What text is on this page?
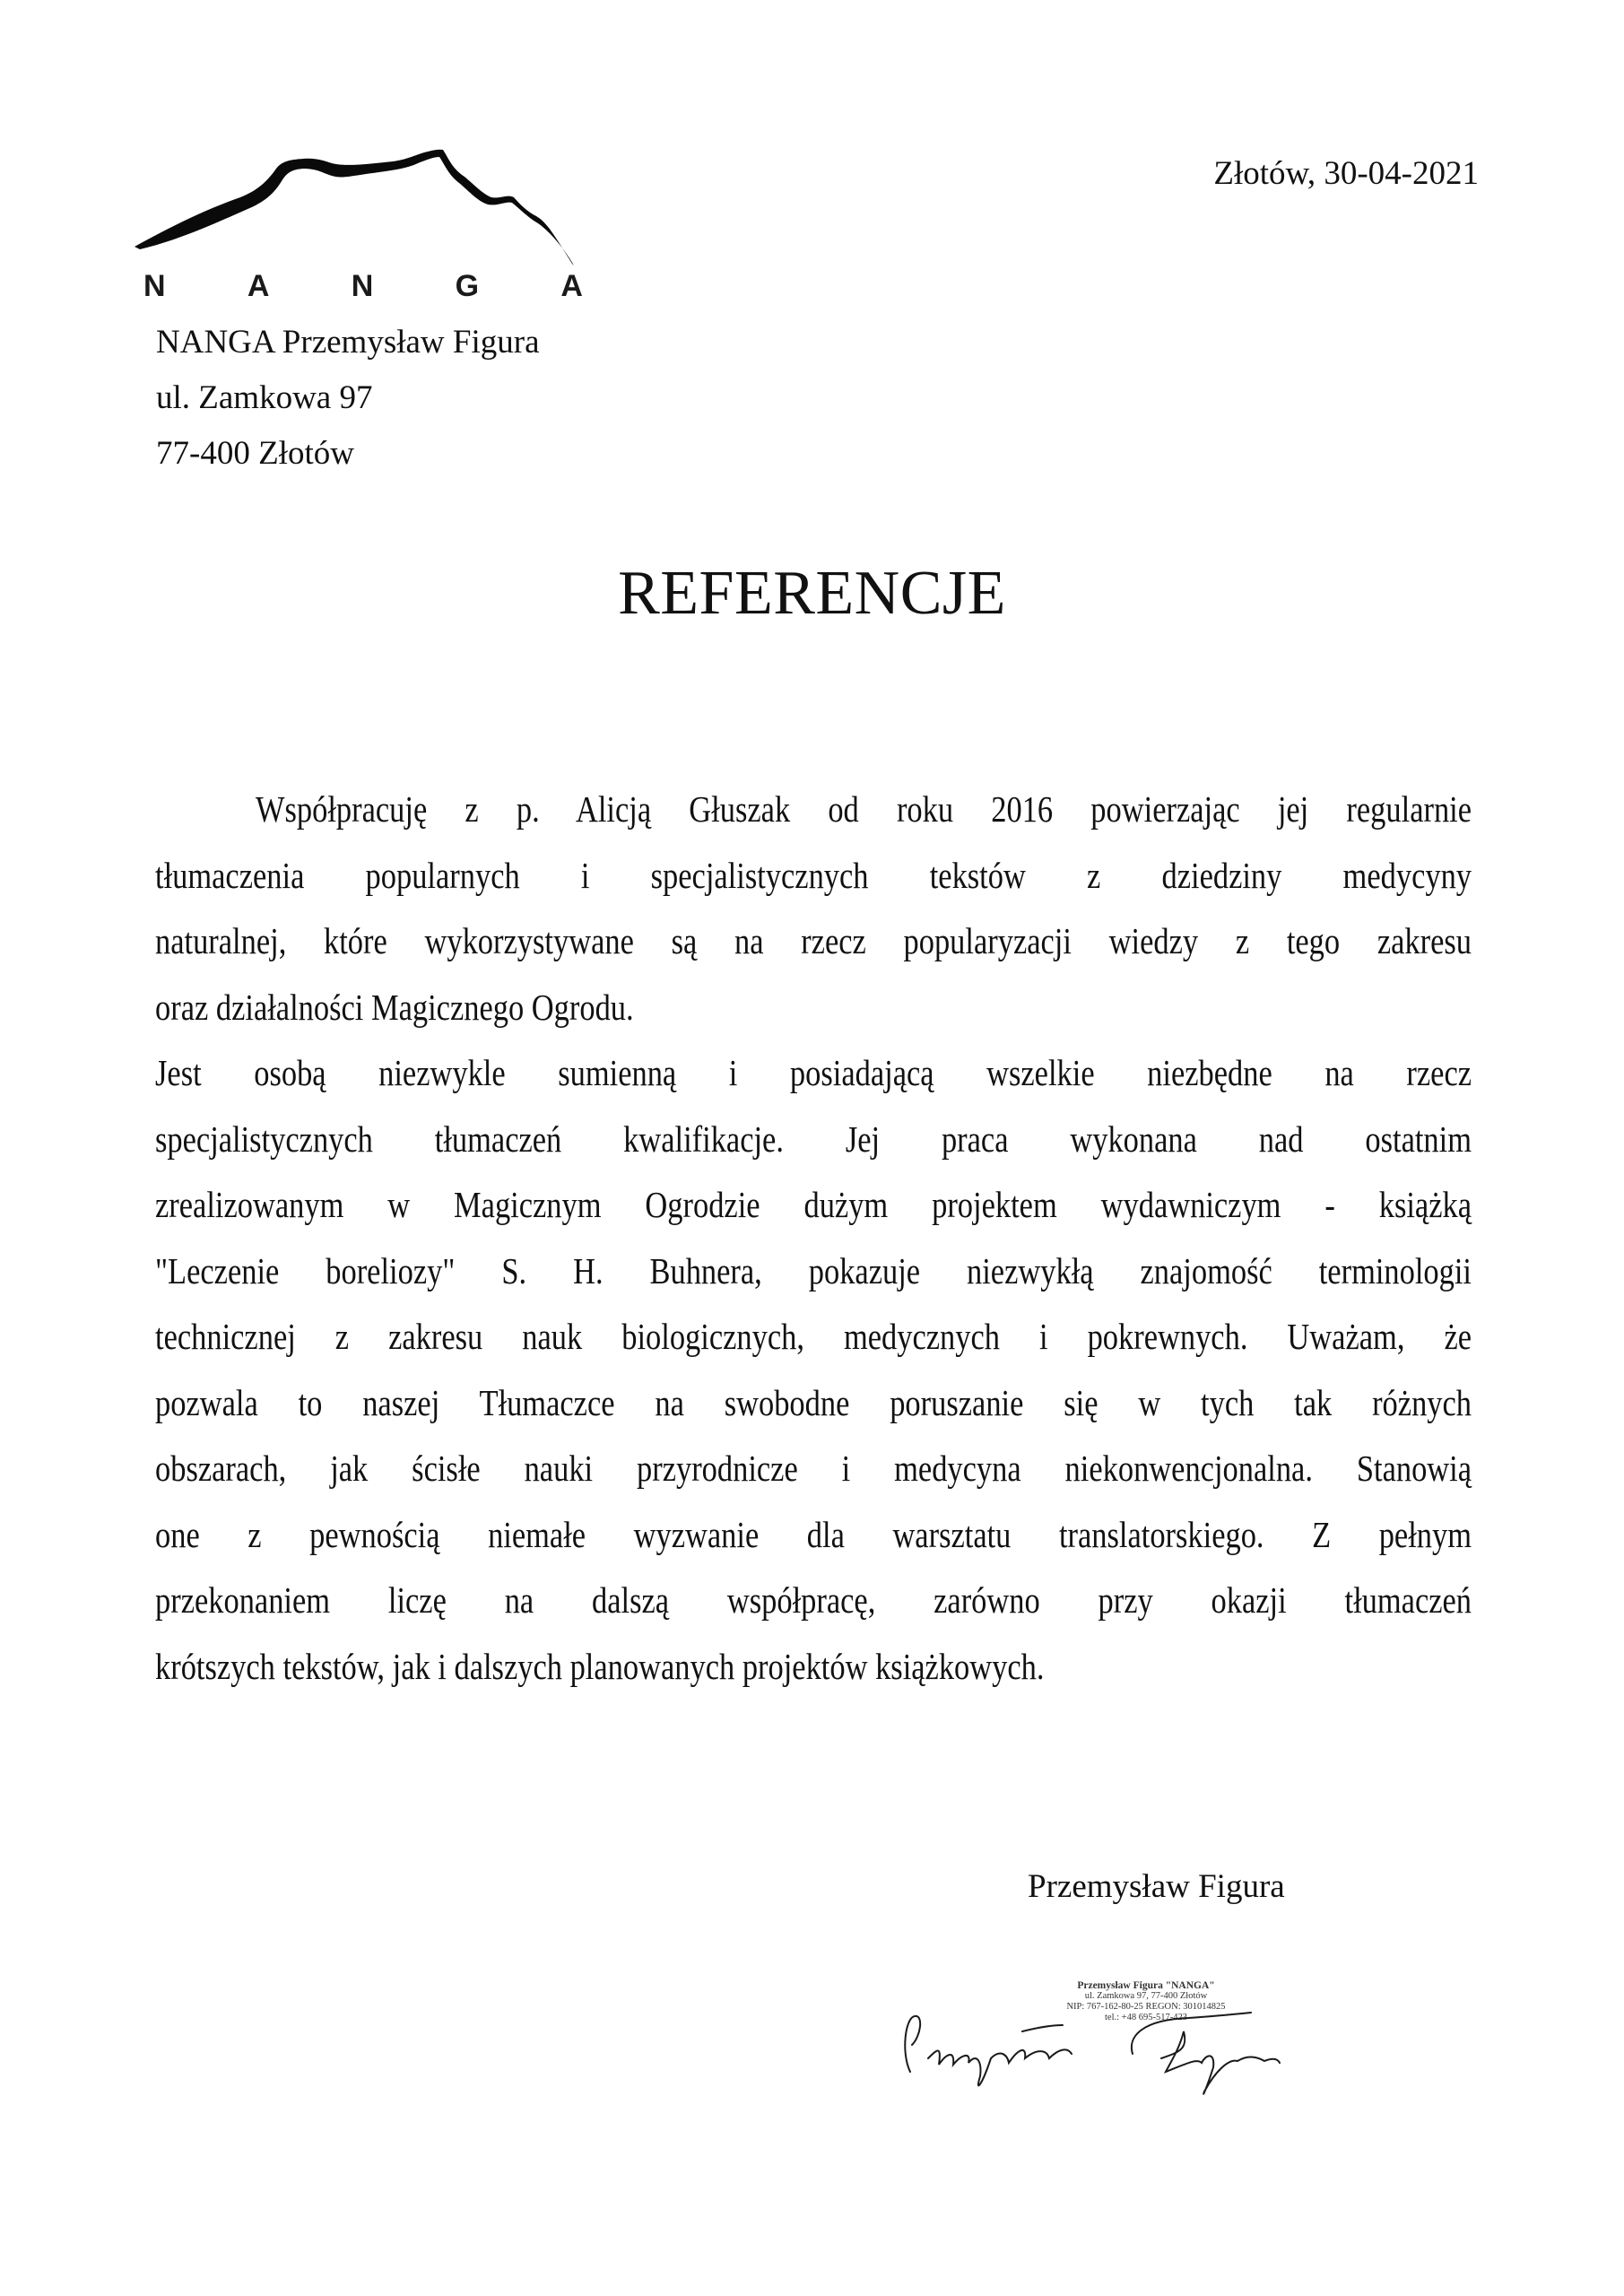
N	A	N	G	A
Złotów, 30-04-2021
NANGA Przemysław Figura
ul. Zamkowa 97
77-400 Złotów
REFERENCJE
Współpracuję z p. Alicją Głuszak od roku 2016 powierzając jej regularnie
tłumaczenia popularnych i specjalistycznych tekstów z dziedziny medycyny
naturalnej, które wykorzystywane są na rzecz popularyzacji wiedzy z tego zakresu
oraz działalności Magicznego Ogrodu.
Jest osobą niezwykle sumienną i posiadającą wszelkie niezbędne na rzecz
specjalistycznych tłumaczeń kwalifikacje. Jej praca wykonana nad ostatnim
zrealizowanym w Magicznym Ogrodzie dużym projektem wydawniczym - książką
"Leczenie boreliozy" S. H. Buhnera, pokazuje niezwykłą znajomość terminologii
technicznej z zakresu nauk biologicznych, medycznych i pokrewnych. Uważam, że
pozwala to naszej Tłumaczce na swobodne poruszanie się w tych tak różnych
obszarach, jak ścisłe nauki przyrodnicze i medycyna niekonwencjonalna. Stanowią
one z pewnością niemałe wyzwanie dla warsztatu translatorskiego. Z pełnym
przekonaniem liczę na dalszą współpracę, zarówno przy okazji tłumaczeń
krótszych tekstów, jak i dalszych planowanych projektów książkowych.
Przemysław Figura
Przemysław Figura "NANGA"
ul. Zamkowa 97, 77-400 Złotów
NIP: 767-162-80-25 REGON: 301014825
tel.: +48 695-517-423
